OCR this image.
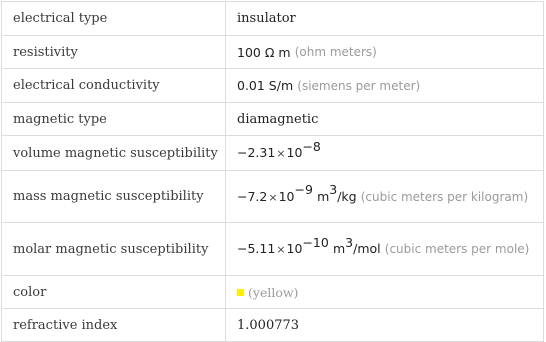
electrical type	insulator
resistivity	100 Ω m
(ohm meters)
electrical conductivity	0.01 S/m
(siemens per meter)
magnetic type	diamagnetic
volume magnetic susceptibility	$-2.31\times 10^{-8}$
mass magnetic susceptibility	$-7.2\times 10^{-9}$ $m^3/kg$ (cubic meters per kilogram)
molar magnetic susceptibility	$-5.11\times 10^{-10}$ $m^3$/mol (cubic meters per mole)
color	(yellow)
refractive index	1.000773
